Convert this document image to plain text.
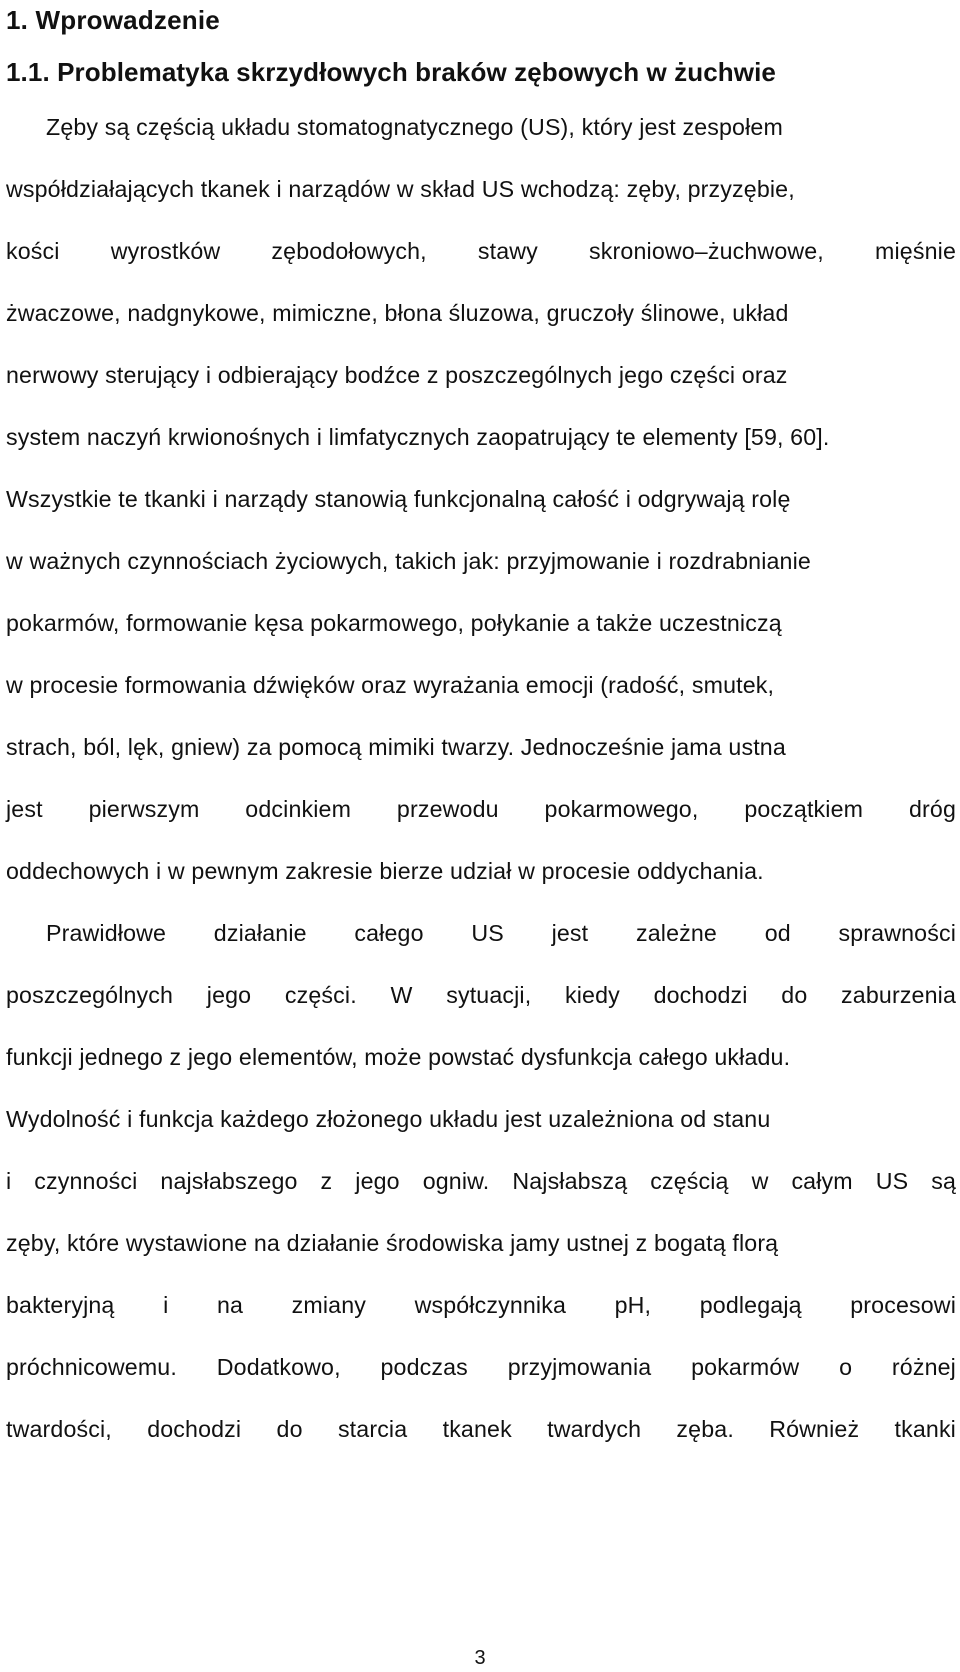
1. Wprowadzenie
1.1. Problematyka skrzydłowych braków zębowych w żuchwie
Zęby są częścią układu stomatognatycznego (US), który jest zespołem
współdziałających tkanek i narządów w skład US wchodzą: zęby, przyzębie,
kości wyrostków zębodołowych, stawy skroniowo–żuchwowe, mięśnie
żwaczowe, nadgnykowe, mimiczne, błona śluzowa, gruczoły ślinowe, układ
nerwowy sterujący i odbierający bodźce z poszczególnych jego części oraz
system naczyń krwionośnych i limfatycznych zaopatrujący te elementy [59, 60].
Wszystkie te tkanki i narządy stanowią funkcjonalną całość i odgrywają rolę
w ważnych czynnościach życiowych, takich jak: przyjmowanie i rozdrabnianie
pokarmów, formowanie kęsa pokarmowego, połykanie a także uczestniczą
w procesie formowania dźwięków oraz wyrażania emocji (radość, smutek,
strach, ból, lęk, gniew) za pomocą mimiki twarzy. Jednocześnie jama ustna
jest pierwszym odcinkiem przewodu pokarmowego, początkiem dróg
oddechowych i w pewnym zakresie bierze udział w procesie oddychania.
Prawidłowe działanie całego US jest zależne od sprawności
poszczególnych jego części. W sytuacji, kiedy dochodzi do zaburzenia
funkcji jednego z jego elementów, może powstać dysfunkcja całego układu.
Wydolność i funkcja każdego złożonego układu jest uzależniona od stanu
i czynności najsłabszego z jego ogniw. Najsłabszą częścią w całym US są
zęby, które wystawione na działanie środowiska jamy ustnej z bogatą florą
bakteryjną i na zmiany współczynnika pH, podlegają procesowi
próchnicowemu. Dodatkowo, podczas przyjmowania pokarmów o różnej
twardości, dochodzi do starcia tkanek twardych zęba. Również tkanki
3
